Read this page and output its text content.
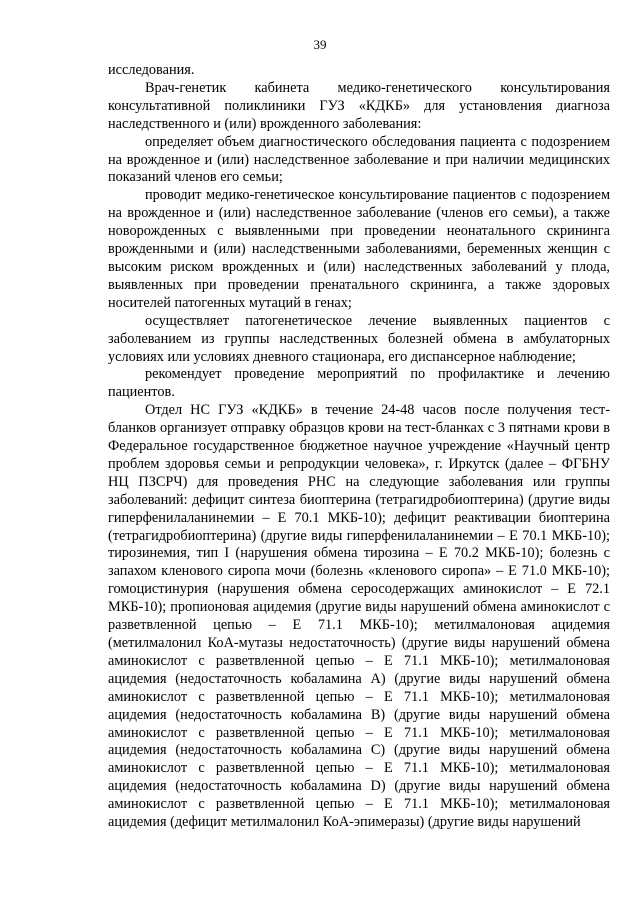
39

исследования.

Врач-генетик кабинета медико-генетического консультирования консультативной поликлиники ГУЗ «КДКБ» для установления диагноза наследственного и (или) врожденного заболевания:

определяет объем диагностического обследования пациента с подозрением на врожденное и (или) наследственное заболевание и при наличии медицинских показаний членов его семьи;

проводит медико-генетическое консультирование пациентов с подозрением на врожденное и (или) наследственное заболевание (членов его семьи), а также новорожденных с выявленными при проведении неонатального скрининга врожденными и (или) наследственными заболеваниями, беременных женщин с высоким риском врожденных и (или) наследственных заболеваний у плода, выявленных при проведении пренатального скрининга, а также здоровых носителей патогенных мутаций в генах;

осуществляет патогенетическое лечение выявленных пациентов с заболеванием из группы наследственных болезней обмена в амбулаторных условиях или условиях дневного стационара, его диспансерное наблюдение;

рекомендует проведение мероприятий по профилактике и лечению пациентов.

Отдел НС ГУЗ «КДКБ» в течение 24-48 часов после получения тест-бланков организует отправку образцов крови на тест-бланках с 3 пятнами крови в Федеральное государственное бюджетное научное учреждение «Научный центр проблем здоровья семьи и репродукции человека», г. Иркутск (далее – ФГБНУ НЦ ПЗСРЧ) для проведения РНС на следующие заболевания или группы заболеваний: дефицит синтеза биоптерина (тетрагидробиоптерина) (другие виды гиперфенилаланинемии – Е 70.1 МКБ-10); дефицит реактивации биоптерина (тетрагидробиоптерина) (другие виды гиперфенилаланинемии – Е 70.1 МКБ-10); тирозинемия, тип I (нарушения обмена тирозина – Е 70.2 МКБ-10); болезнь с запахом кленового сиропа мочи (болезнь «кленового сиропа» – Е 71.0 МКБ-10); гомоцистинурия (нарушения обмена серосодержащих аминокислот – Е 72.1 МКБ-10); пропионовая ацидемия (другие виды нарушений обмена аминокислот с разветвленной цепью – Е 71.1 МКБ-10); метилмалоновая ацидемия (метилмалонил КоА-мутазы недостаточность) (другие виды нарушений обмена аминокислот с разветвленной цепью – Е 71.1 МКБ-10); метилмалоновая ацидемия (недостаточность кобаламина А) (другие виды нарушений обмена аминокислот с разветвленной цепью – Е 71.1 МКБ-10); метилмалоновая ацидемия (недостаточность кобаламина В) (другие виды нарушений обмена аминокислот с разветвленной цепью – Е 71.1 МКБ-10); метилмалоновая ацидемия (недостаточность кобаламина С) (другие виды нарушений обмена аминокислот с разветвленной цепью – Е 71.1 МКБ-10); метилмалоновая ацидемия (недостаточность кобаламина D) (другие виды нарушений обмена аминокислот с разветвленной цепью – Е 71.1 МКБ-10); метилмалоновая ацидемия (дефицит метилмалонил КоА-эпимеразы) (другие виды нарушений
